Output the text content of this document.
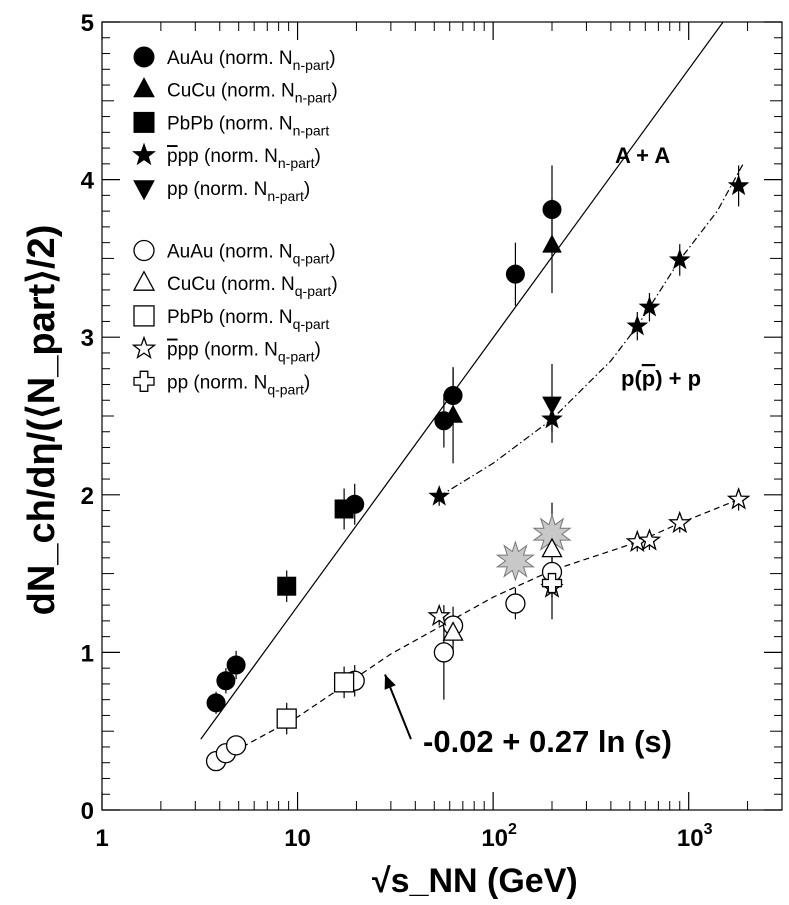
0
1
2
3
4
5
1	10	$10^2$	$10^3$
AuAu (norm. $N_{n-part}$)
CuCu (norm. $N_{n-part}$)
PbPb (norm. $N_{n-part}$
ppp (norm. $N_{n-part}$)
pp (norm. $N_{n-part}$)
AuAu (norm. $N_{q-part}$)
CuCu (norm. $N_{q-part}$)
PbPb (norm. $N_{q-part}$
ppp (norm. $N_{q-part}$)
pp (norm. $N_{q-part}$)
√s_NN (GeV)
dN_ch/dη/(⟨N_part⟩/2)
A + A
p(p) + p
-0.02 + 0.27 ln (s)
